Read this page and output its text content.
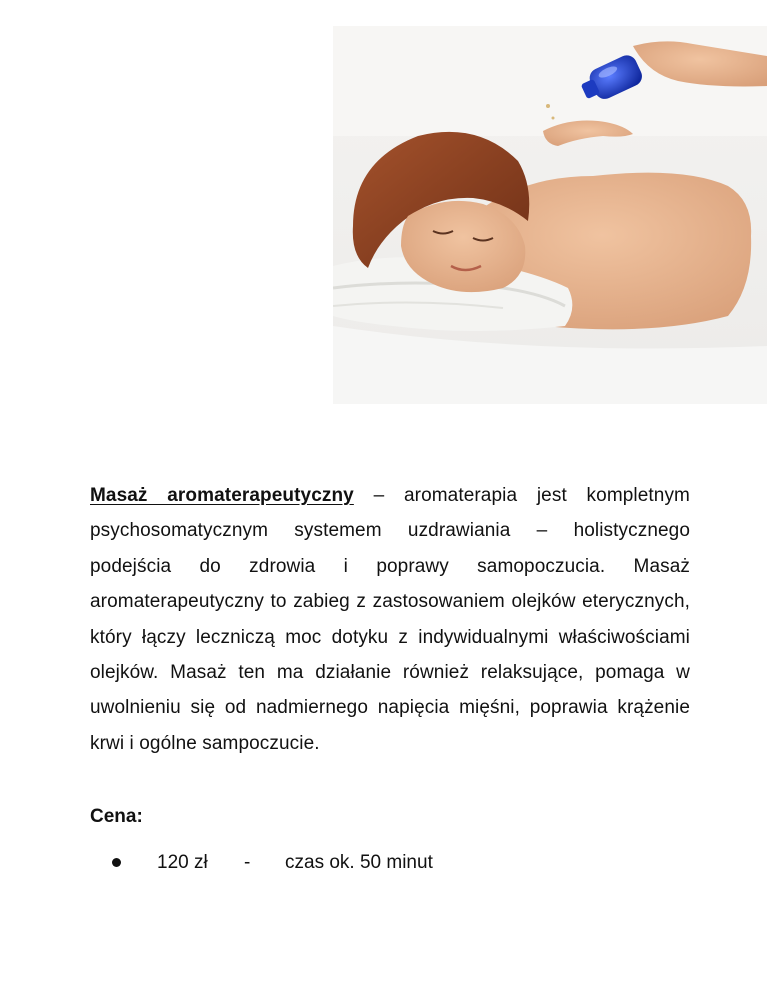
Masaż aromaterapeutyczny – aromaterapia jest kompletnym psychosomatycznym systemem uzdrawiania – holistycznego podejścia do zdrowia i poprawy samopoczucia. Masaż aromaterapeutyczny to zabieg z zastosowaniem olejków eterycznych, który łączy leczniczą moc dotyku z indywidualnymi właściwościami olejków. Masaż ten ma działanie również relaksujące, pomaga w uwolnieniu się od nadmiernego napięcia mięśni, poprawia krążenie krwi i ogólne sampoczucie.

Cena:

120 zł - czas ok. 50 minut
